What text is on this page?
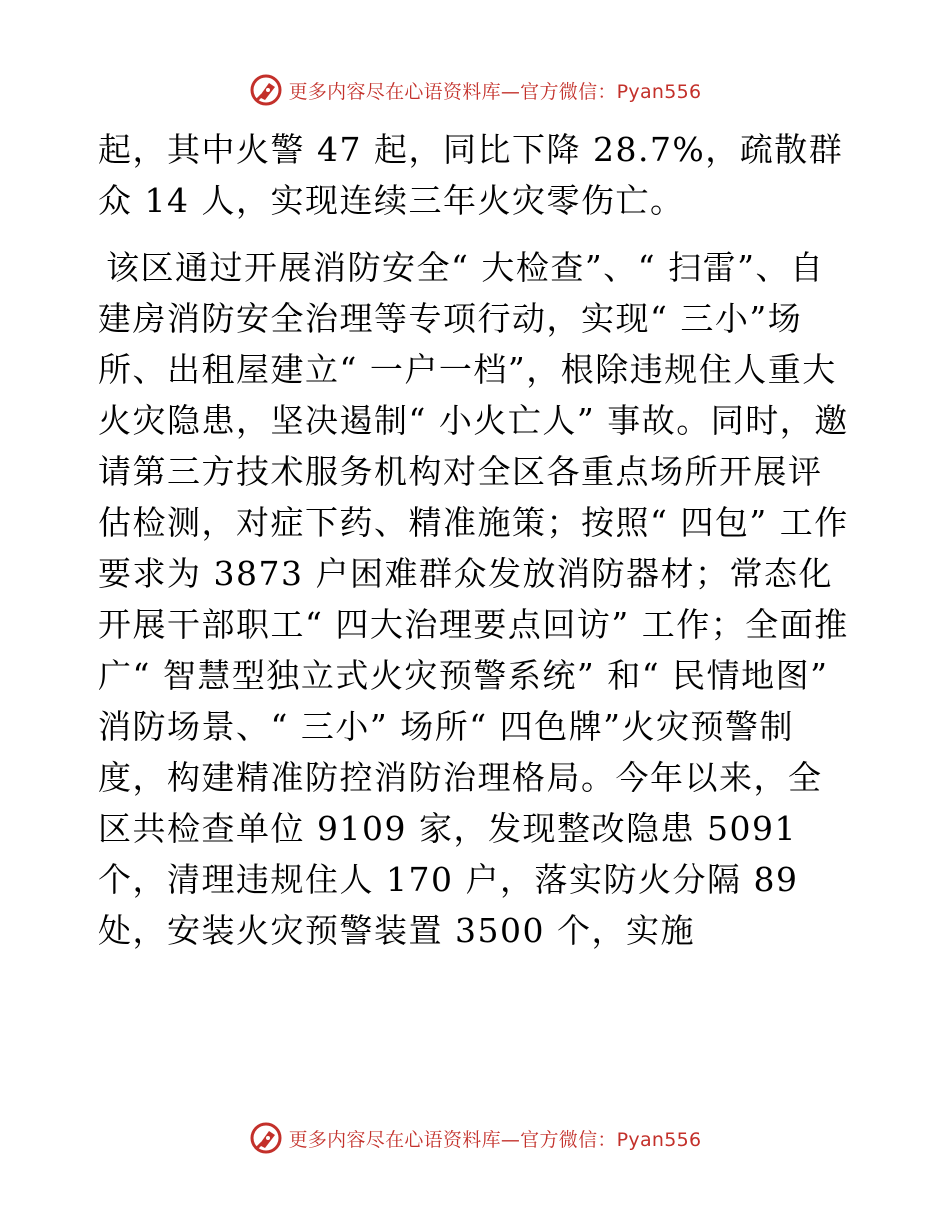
更多内容尽在心语资料库—官方微信：Pyan556

起，其中火警 47 起，同比下降 28.7%，疏散群众 14 人，实现连续三年火灾零伤亡。

该区通过开展消防安全“ 大检查”、“ 扫雷”、自建房消防安全治理等专项行动，实现“ 三小”场所、出租屋建立“ 一户一档”，根除违规住人重大火灾隐患，坚决遏制“ 小火亡人” 事故。同时，邀请第三方技术服务机构对全区各重点场所开展评估检测，对症下药、精准施策；按照“ 四包” 工作要求为 3873 户困难群众发放消防器材；常态化开展干部职工“ 四大治理要点回访” 工作；全面推广“ 智慧型独立式火灾预警系统” 和“ 民情地图” 消防场景、“ 三小” 场所“ 四色牌”火灾预警制度，构建精准防控消防治理格局。今年以来，全区共检查单位 9109 家，发现整改隐患 5091 个，清理违规住人 170 户，落实防火分隔 89 处，安装火灾预警装置 3500 个，实施

更多内容尽在心语资料库—官方微信：Pyan556
